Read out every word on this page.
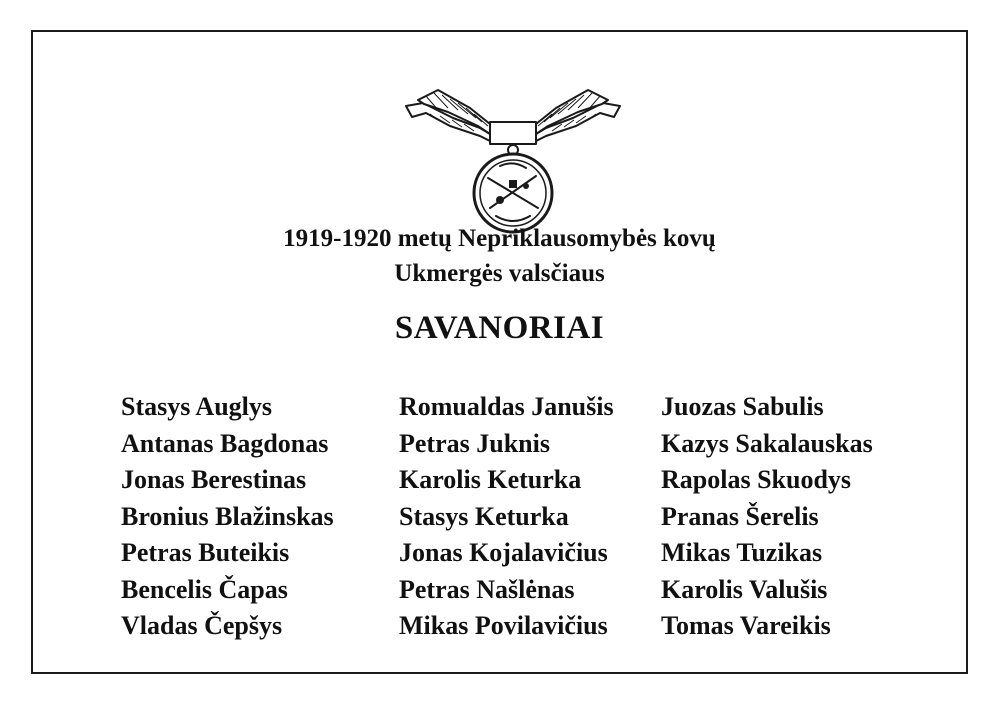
1919-1920 metų Nepriklausomybės kovų
Ukmergės valsčiaus
SAVANORIAI
Stasys Auglys
Antanas Bagdonas
Jonas Berestinas
Bronius Blažinskas
Petras Buteikis
Bencelis Čapas
Vladas Čepšys
Romualdas Janušis
Petras Juknis
Karolis Keturka
Stasys Keturka
Jonas Kojalavičius
Petras Našlėnas
Mikas Povilavičius
Juozas Sabulis
Kazys Sakalauskas
Rapolas Skuodys
Pranas Šerelis
Mikas Tuzikas
Karolis Valušis
Tomas Vareikis
